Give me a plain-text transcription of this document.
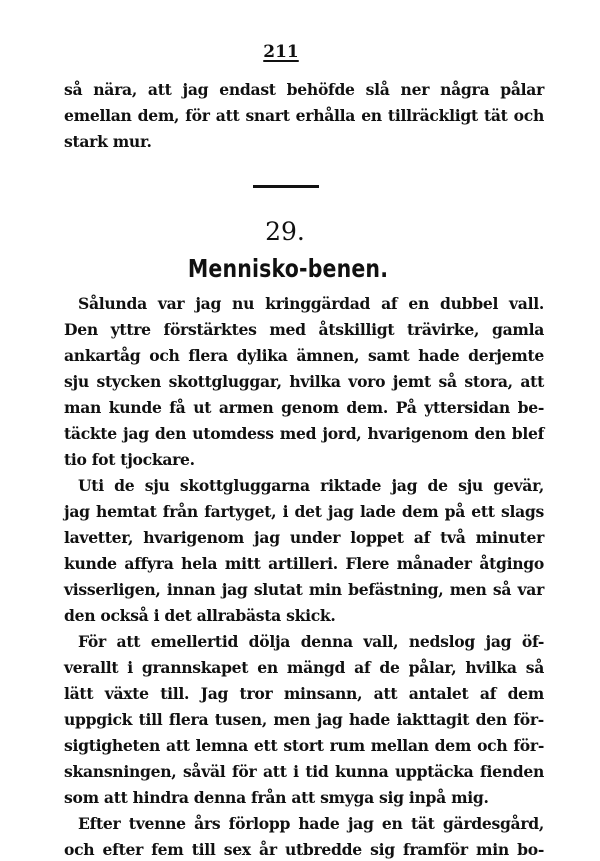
211
så nära, att jag endast behöfde slå ner några pålar
emellan dem, för att snart erhålla en tillräckligt tät och
stark mur.
29.
Mennisko-benen.
Sålunda var jag nu kringgärdad af en dubbel vall.
Den yttre förstärktes med åtskilligt trävirke, gamla
ankartåg och flera dylika ämnen, samt hade derjemte
sju stycken skottgluggar, hvilka voro jemt så stora, att
man kunde få ut armen genom dem. På yttersidan be-
täckte jag den utomdess med jord, hvarigenom den blef
tio fot tjockare.
Uti de sju skottgluggarna riktade jag de sju gevär,
jag hemtat från fartyget, i det jag lade dem på ett slags
lavetter, hvarigenom jag under loppet af två minuter
kunde affyra hela mitt artilleri. Flere månader åtgingo
visserligen, innan jag slutat min befästning, men så var
den också i det allrabästa skick.
För att emellertid dölja denna vall, nedslog jag öf-
verallt i grannskapet en mängd af de pålar, hvilka så
lätt växte till. Jag tror minsann, att antalet af dem
uppgick till flera tusen, men jag hade iakttagit den för-
sigtigheten att lemna ett stort rum mellan dem och för-
skansningen, såväl för att i tid kunna upptäcka fienden
som att hindra denna från att smyga sig inpå mig.
Efter tvenne års förlopp hade jag en tät gärdesgård,
och efter fem till sex år utbredde sig framför min bo-
